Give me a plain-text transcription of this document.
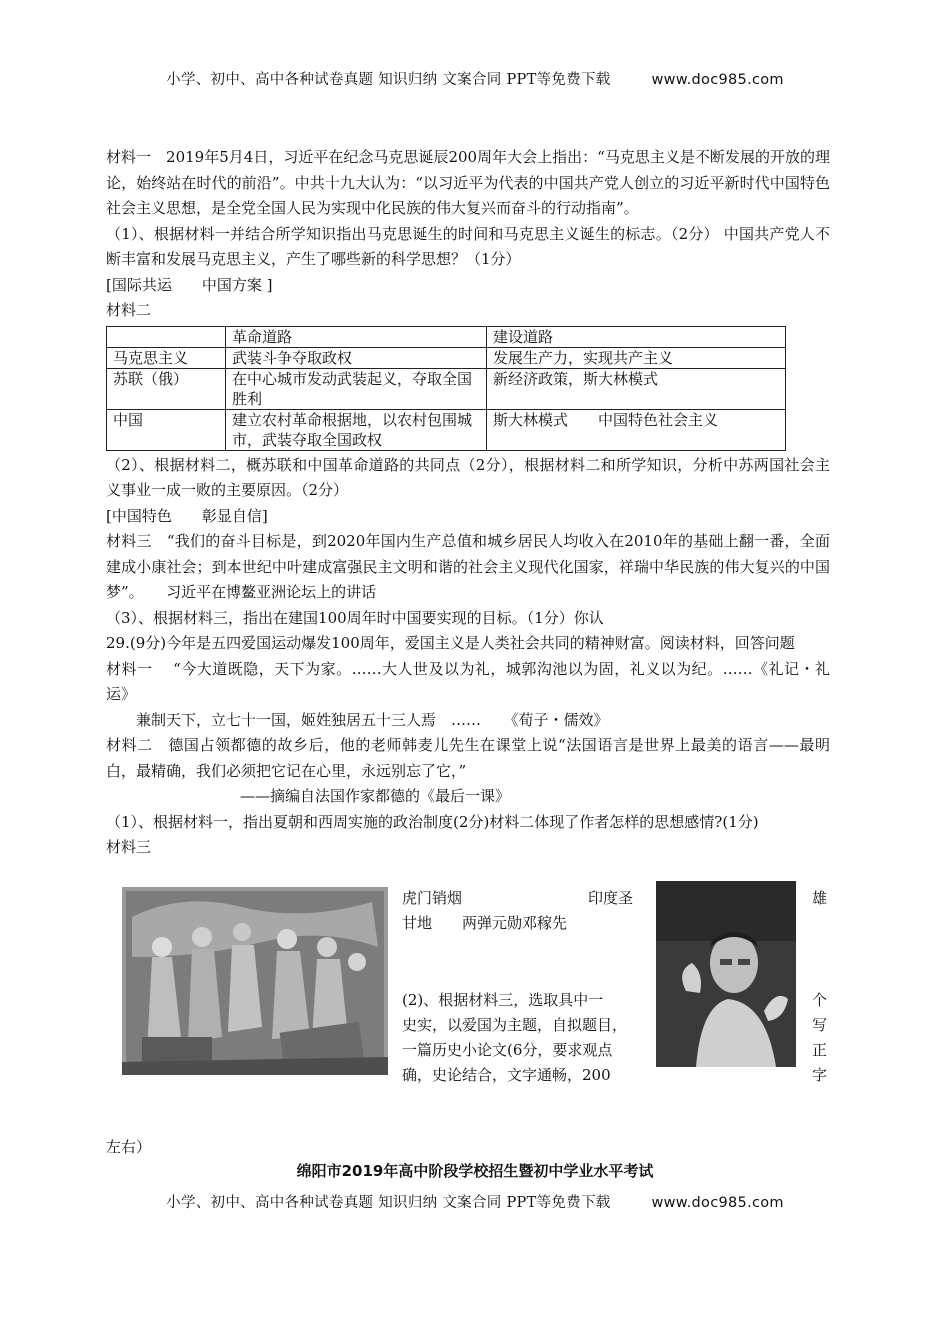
小学、初中、高中各种试卷真题 知识归纳 文案合同 PPT等免费下载	www.doc985.com

材料一　2019年5月4日，习近平在纪念马克思诞辰200周年大会上指出：“马克思主义是不断发展的开放的理论，始终站在时代的前沿”。中共十九大认为：“以习近平为代表的中国共产党人创立的习近平新时代中国特色社会主义思想，是全党全国人民为实现中化民族的伟大复兴而奋斗的行动指南”。

（1）、根据材料一并结合所学知识指出马克思诞生的时间和马克思主义诞生的标志。（2分） 中国共产党人不断丰富和发展马克思主义，产生了哪些新的科学思想？（1分）

[国际共运　　中国方案 ]

材料二

	革命道路	建设道路
马克思主义	武装斗争夺取政权	发展生产力，实现共产主义
苏联（俄）	在中心城市发动武装起义，夺取全国胜利	新经济政策，斯大林模式
中国	建立农村革命根据地，以农村包围城市，武装夺取全国政权	斯大林模式　　中国特色社会主义

（2）、根据材料二，概苏联和中国革命道路的共同点（2分），根据材料二和所学知识，分析中苏两国社会主义事业一成一败的主要原因。（2分）

[中国特色　　彰显自信]

材料三　“我们的奋斗目标是，到2020年国内生产总值和城乡居民人均收入在2010年的基础上翻一番，全面建成小康社会；到本世纪中叶建成富强民主文明和谐的社会主义现代化国家，祥瑞中华民族的伟大复兴的中国梦”。　　习近平在博鳌亚洲论坛上的讲话

（3）、根据材料三，指出在建国100周年时中国要实现的目标。（1分）你认

29.(9分)今年是五四爱国运动爆发100周年，爱国主义是人类社会共同的精神财富。阅读材料，回答问题

材料一　 “今大道既隐，天下为家。……大人世及以为礼，城郭沟池以为固，礼义以为纪。……《礼记・礼运》

　　兼制天下，立七十一国，姬姓独居五十三人焉　……　　《荀子・儒效》

材料二　德国占领都德的故乡后，他的老师韩麦儿先生在课堂上说“法国语言是世界上最美的语言——最明白，最精确，我们必须把它记在心里，永远别忘了它，”

——摘编自法国作家都德的《最后一课》

（1）、根据材料一，指出夏朝和西周实施的政治制度(2分)材料二体现了作者怎样的思想感情?(1分)

材料三

虎门销烟	印度圣
甘地　　两弹元勋邓稼先
(2)、根据材料三，选取具中一
史实，以爱国为主题，自拟题目，
一篇历史小论文(6分，要求观点
确，史论结合，文字通畅，200
雄
个
写
正
字
左右）
绵阳市2019年高中阶段学校招生暨初中学业水平考试
小学、初中、高中各种试卷真题 知识归纳 文案合同 PPT等免费下载	www.doc985.com
